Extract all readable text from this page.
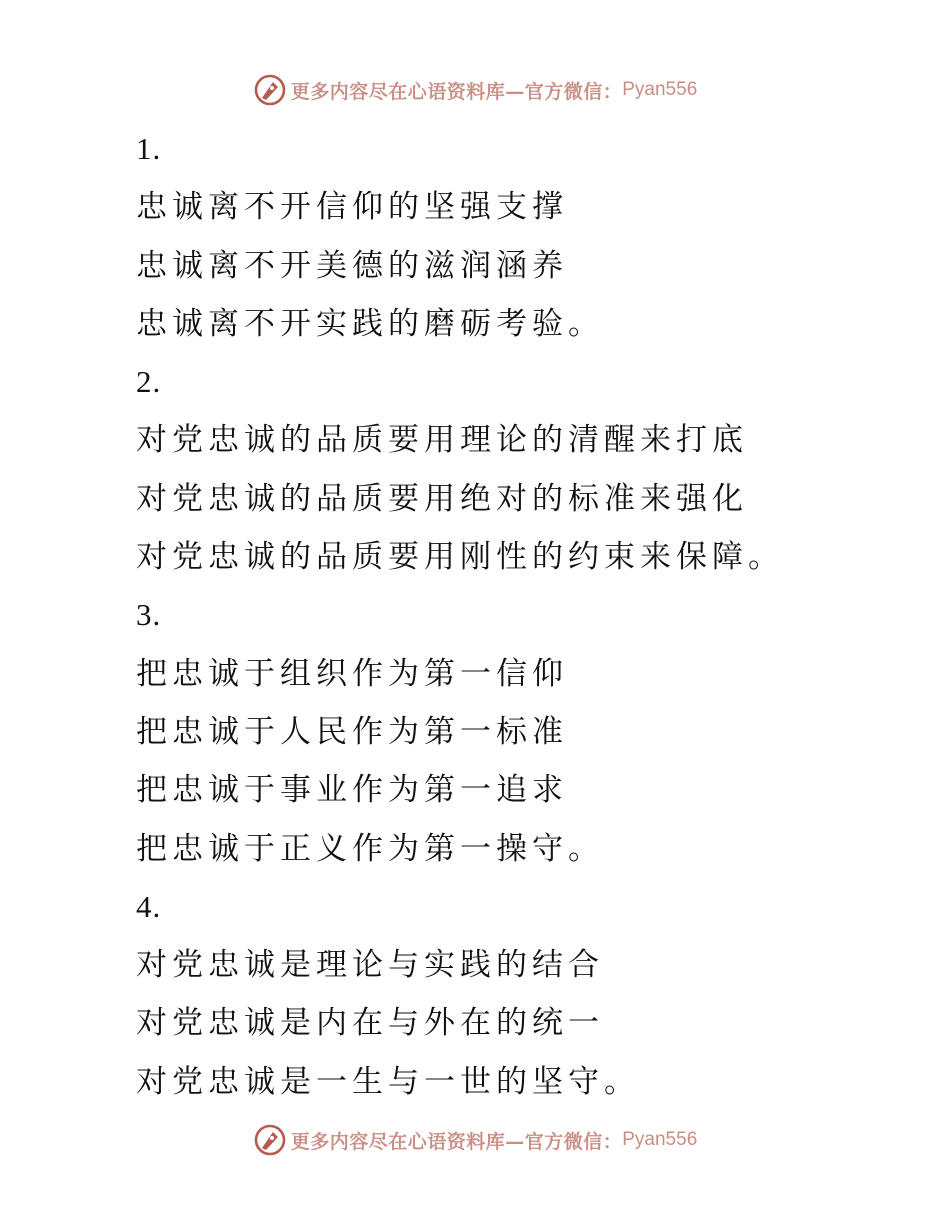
更多内容尽在心语资料库—官方微信： Pyan556
1.
忠诚离不开信仰的坚强支撑
忠诚离不开美德的滋润涵养
忠诚离不开实践的磨砺考验。
2.
对党忠诚的品质要用理论的清醒来打底
对党忠诚的品质要用绝对的标准来强化
对党忠诚的品质要用刚性的约束来保障。
3.
把忠诚于组织作为第一信仰
把忠诚于人民作为第一标准
把忠诚于事业作为第一追求
把忠诚于正义作为第一操守。
4.
对党忠诚是理论与实践的结合
对党忠诚是内在与外在的统一
对党忠诚是一生与一世的坚守。
更多内容尽在心语资料库—官方微信： Pyan556
